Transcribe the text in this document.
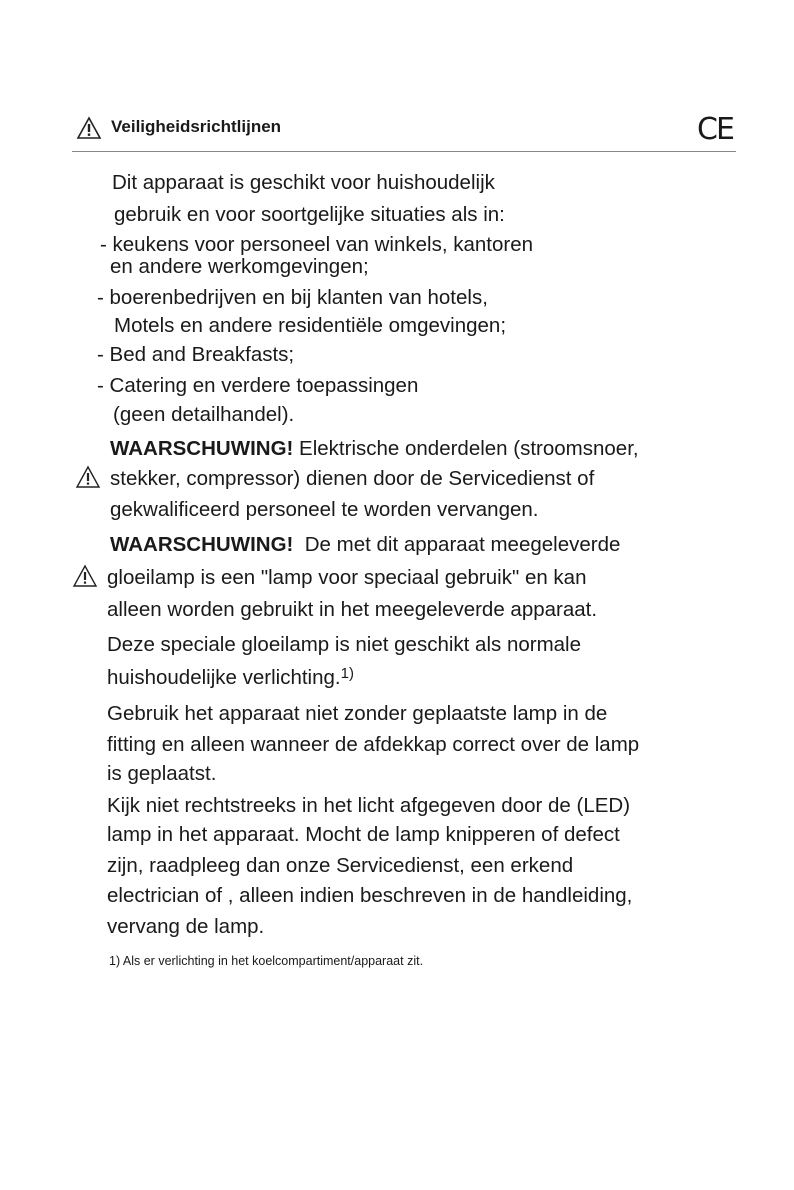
Veiligheidsrichtlijnen	CE
Dit apparaat is geschikt voor huishoudelijk
gebruik en voor soortgelijke situaties als in:
- keukens voor personeel van winkels, kantoren
en andere werkomgevingen;
- boerenbedrijven en bij klanten van hotels,
Motels en andere residentiële omgevingen;
- Bed and Breakfasts;
- Catering en verdere toepassingen
(geen detailhandel).
WAARSCHUWING! Elektrische onderdelen (stroomsnoer,
stekker, compressor) dienen door de Servicedienst of
gekwalificeerd personeel te worden vervangen.
WAARSCHUWING!  De met dit apparaat meegeleverde
gloeilamp is een "lamp voor speciaal gebruik" en kan
alleen worden gebruikt in het meegeleverde apparaat.
Deze speciale gloeilamp is niet geschikt als normale
huishoudelijke verlichting.$^{1)}$
Gebruik het apparaat niet zonder geplaatste lamp in de
fitting en alleen wanneer de afdekkap correct over de lamp
is geplaatst.
Kijk niet rechtstreeks in het licht afgegeven door de (LED)
lamp in het apparaat. Mocht de lamp knipperen of defect
zijn, raadpleeg dan onze Servicedienst, een erkend
electrician of , alleen indien beschreven in de handleiding,
vervang de lamp.
1) Als er verlichting in het koelcompartiment/apparaat zit.
